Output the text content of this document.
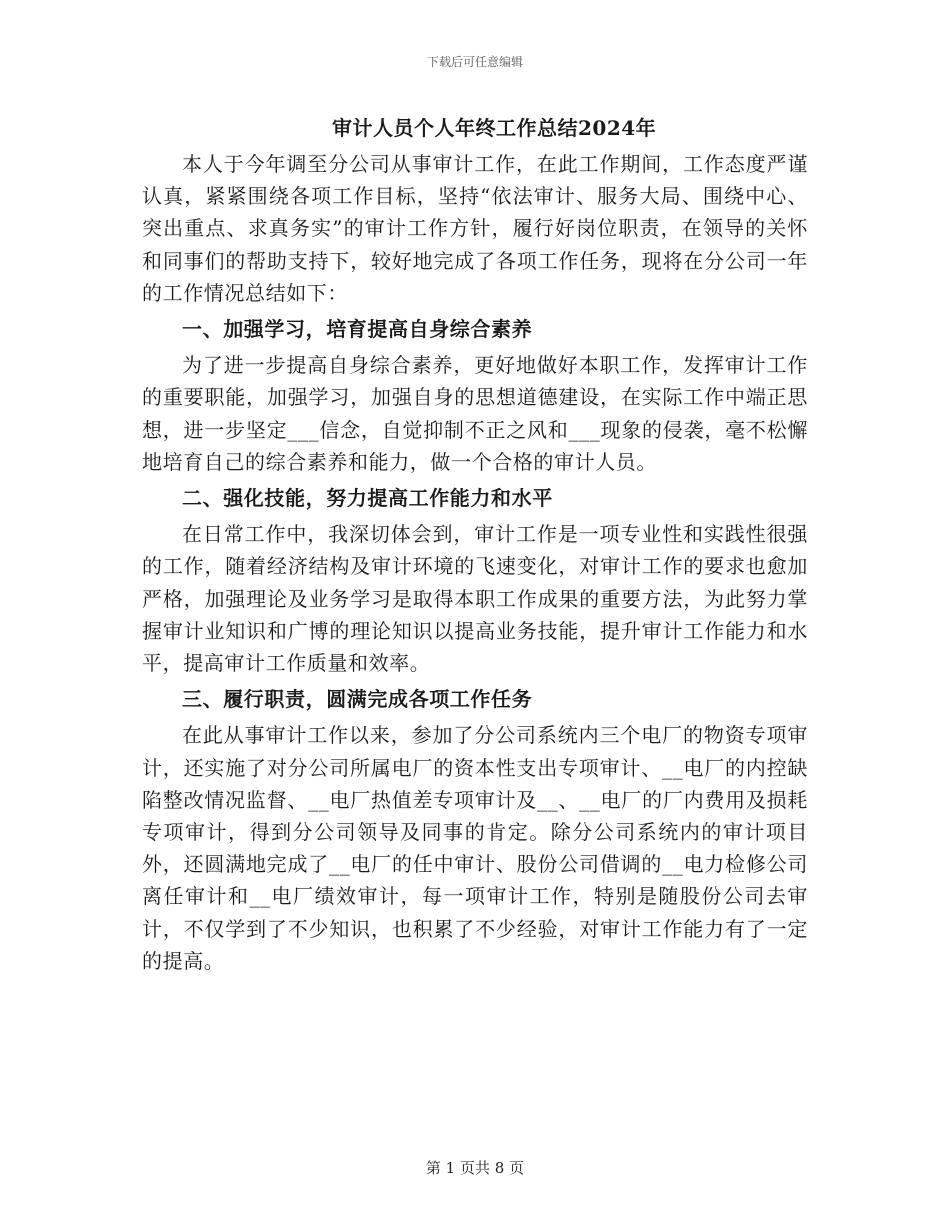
下载后可任意编辑
审计人员个人年终工作总结2024年

本人于今年调至分公司从事审计工作，在此工作期间，工作态度严谨认真，紧紧围绕各项工作目标，坚持“依法审计、服务大局、围绕中心、突出重点、求真务实”的审计工作方针，履行好岗位职责，在领导的关怀和同事们的帮助支持下，较好地完成了各项工作任务，现将在分公司一年的工作情况总结如下：

一、加强学习，培育提高自身综合素养

为了进一步提高自身综合素养，更好地做好本职工作，发挥审计工作的重要职能，加强学习，加强自身的思想道德建设，在实际工作中端正思想，进一步坚定___信念，自觉抑制不正之风和___现象的侵袭，毫不松懈地培育自己的综合素养和能力，做一个合格的审计人员。

二、强化技能，努力提高工作能力和水平

在日常工作中，我深切体会到，审计工作是一项专业性和实践性很强的工作，随着经济结构及审计环境的飞速变化，对审计工作的要求也愈加严格，加强理论及业务学习是取得本职工作成果的重要方法，为此努力掌握审计业知识和广博的理论知识以提高业务技能，提升审计工作能力和水平，提高审计工作质量和效率。

三、履行职责，圆满完成各项工作任务

在此从事审计工作以来，参加了分公司系统内三个电厂的物资专项审计，还实施了对分公司所属电厂的资本性支出专项审计、__电厂的内控缺陷整改情况监督、__电厂热值差专项审计及__、__电厂的厂内费用及损耗专项审计，得到分公司领导及同事的肯定。除分公司系统内的审计项目外，还圆满地完成了__电厂的任中审计、股份公司借调的__电力检修公司离任审计和__电厂绩效审计，每一项审计工作，特别是随股份公司去审计，不仅学到了不少知识，也积累了不少经验，对审计工作能力有了一定的提高。

第 1 页共 8 页
